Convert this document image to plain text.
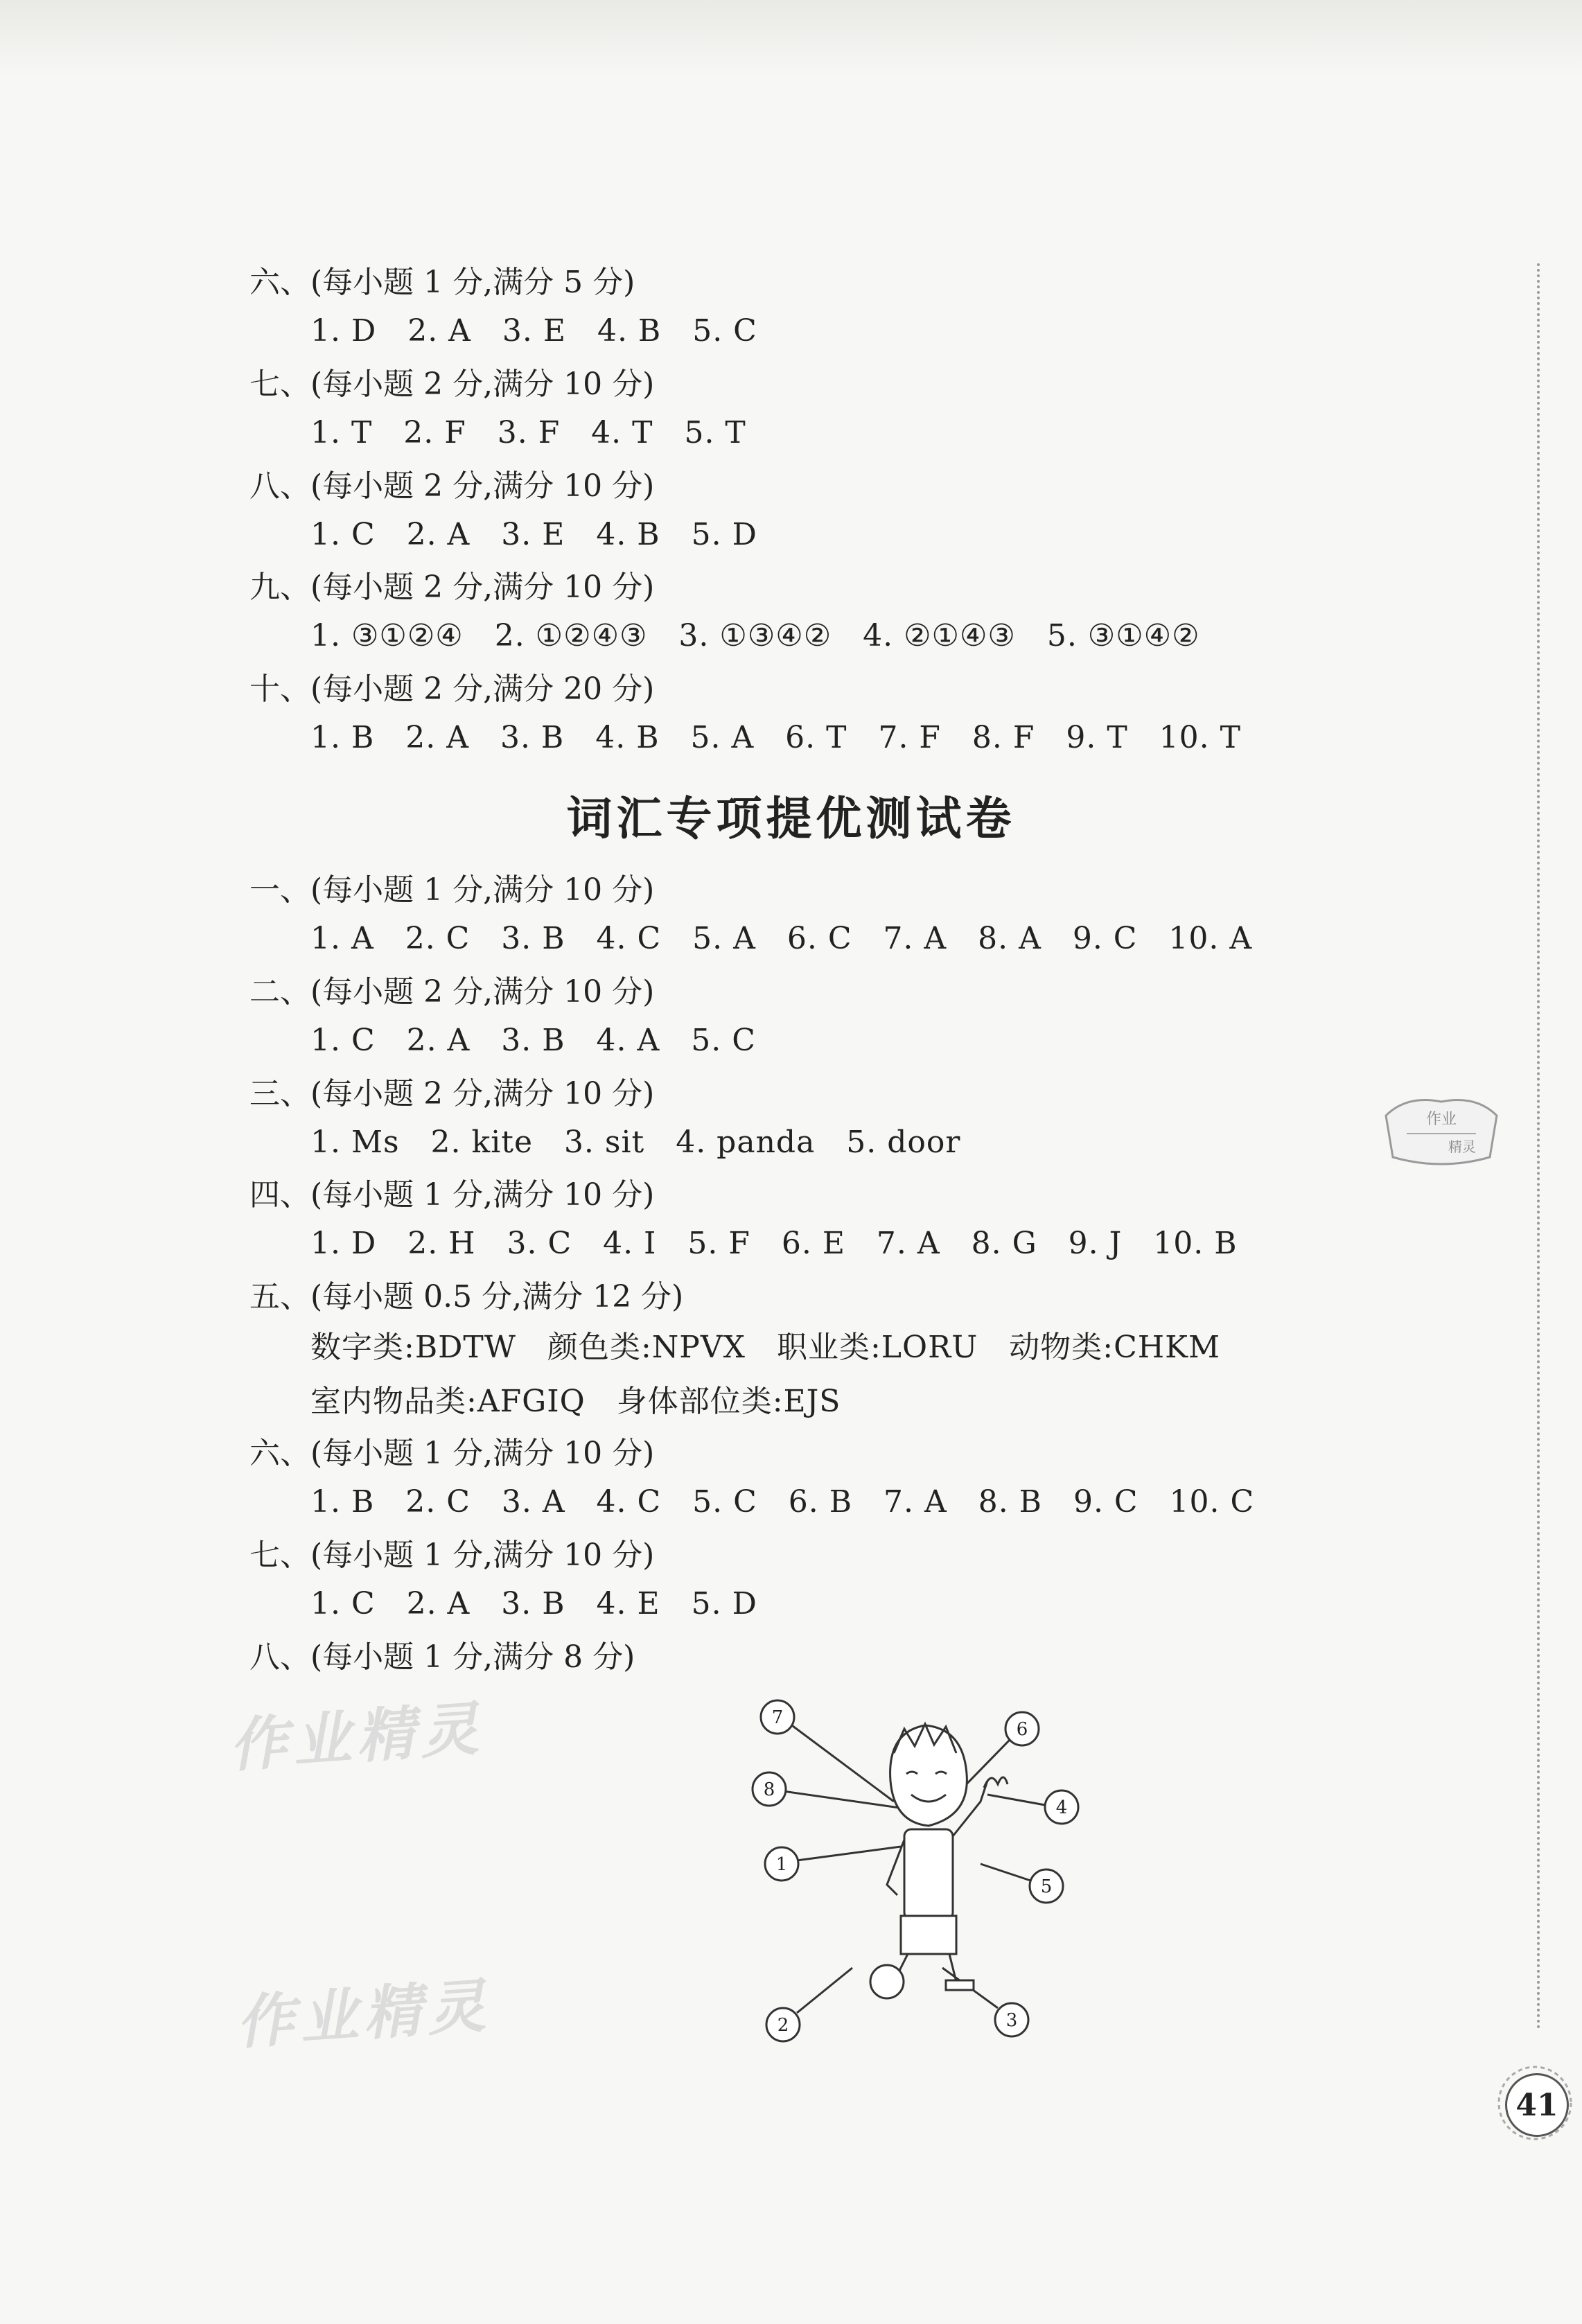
六、(每小题 1 分,满分 5 分)
1. D   2. A   3. E   4. B   5. C
七、(每小题 2 分,满分 10 分)
1. T   2. F   3. F   4. T   5. T
八、(每小题 2 分,满分 10 分)
1. C   2. A   3. E   4. B   5. D
九、(每小题 2 分,满分 10 分)
1. ③①②④   2. ①②④③   3. ①③④②   4. ②①④③   5. ③①④②
十、(每小题 2 分,满分 20 分)
1. B   2. A   3. B   4. B   5. A   6. T   7. F   8. F   9. T   10. T
词汇专项提优测试卷
一、(每小题 1 分,满分 10 分)
1. A   2. C   3. B   4. C   5. A   6. C   7. A   8. A   9. C   10. A
二、(每小题 2 分,满分 10 分)
1. C   2. A   3. B   4. A   5. C
三、(每小题 2 分,满分 10 分)
1. Ms   2. kite   3. sit   4. panda   5. door
四、(每小题 1 分,满分 10 分)
1. D   2. H   3. C   4. I   5. F   6. E   7. A   8. G   9. J   10. B
五、(每小题 0.5 分,满分 12 分)
数字类:BDTW   颜色类:NPVX   职业类:LORU   动物类:CHKM
室内物品类:AFGIQ   身体部位类:EJS
六、(每小题 1 分,满分 10 分)
1. B   2. C   3. A   4. C   5. C   6. B   7. A   8. B   9. C   10. C
七、(每小题 1 分,满分 10 分)
1. C   2. A   3. B   4. E   5. D
八、(每小题 1 分,满分 8 分)
作业精灵
作业精灵
作业
精灵
7
6
8
4
1
5
2	3
41
